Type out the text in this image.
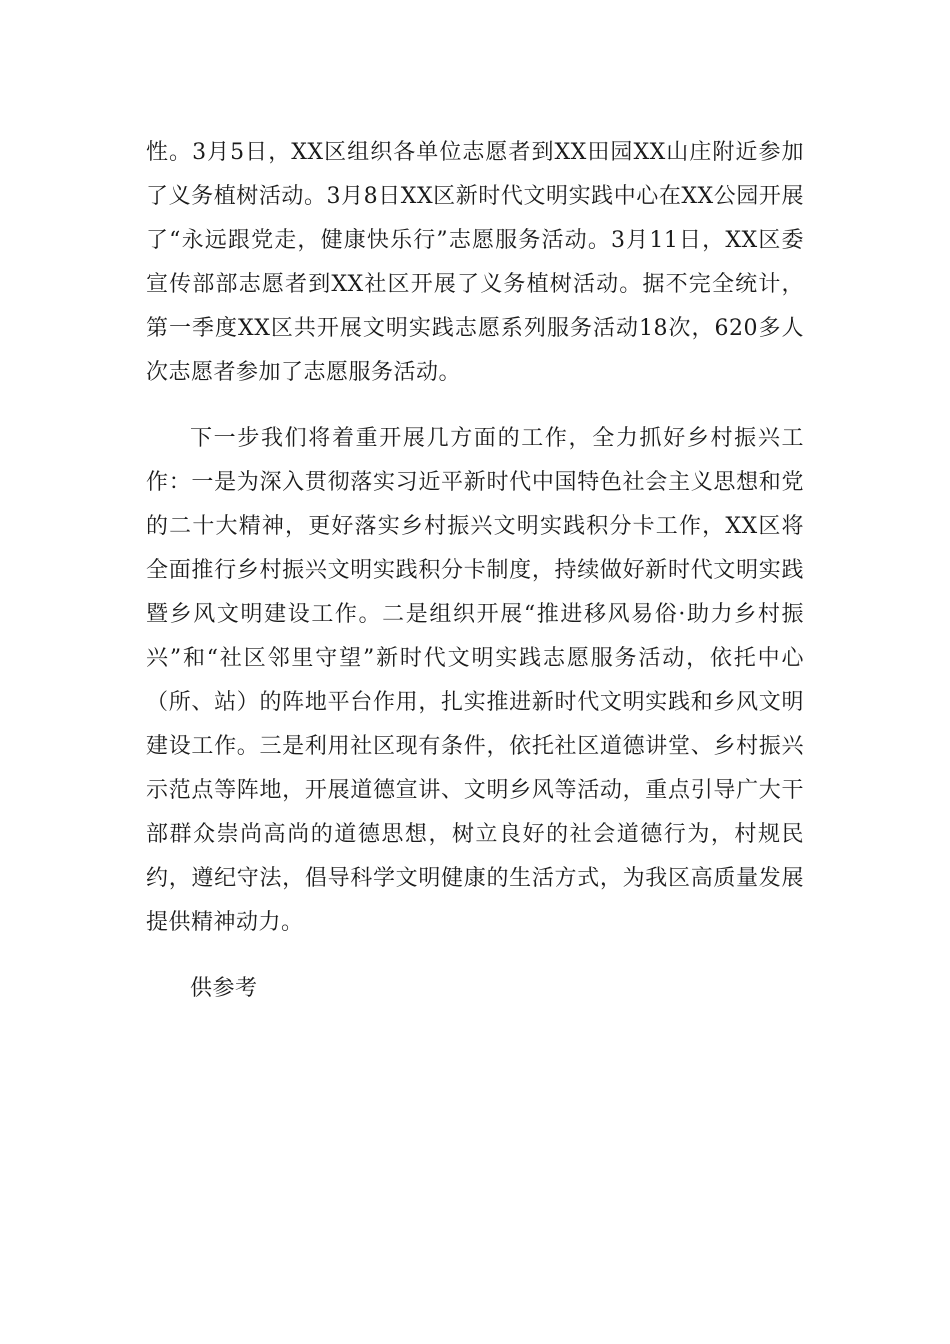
性。3月5日，XX区组织各单位志愿者到XX田园XX山庄附近参加了义务植树活动。3月8日XX区新时代文明实践中心在XX公园开展了“永远跟党走，健康快乐行”志愿服务活动。3月11日，XX区委宣传部部志愿者到XX社区开展了义务植树活动。据不完全统计，第一季度XX区共开展文明实践志愿系列服务活动18次，620多人次志愿者参加了志愿服务活动。

下一步我们将着重开展几方面的工作，全力抓好乡村振兴工作：一是为深入贯彻落实习近平新时代中国特色社会主义思想和党的二十大精神，更好落实乡村振兴文明实践积分卡工作，XX区将全面推行乡村振兴文明实践积分卡制度，持续做好新时代文明实践暨乡风文明建设工作。二是组织开展“推进移风易俗·助力乡村振兴”和“社区邻里守望”新时代文明实践志愿服务活动，依托中心（所、站）的阵地平台作用，扎实推进新时代文明实践和乡风文明建设工作。三是利用社区现有条件，依托社区道德讲堂、乡村振兴示范点等阵地，开展道德宣讲、文明乡风等活动，重点引导广大干部群众崇尚高尚的道德思想，树立良好的社会道德行为，村规民约，遵纪守法，倡导科学文明健康的生活方式，为我区高质量发展提供精神动力。

供参考
